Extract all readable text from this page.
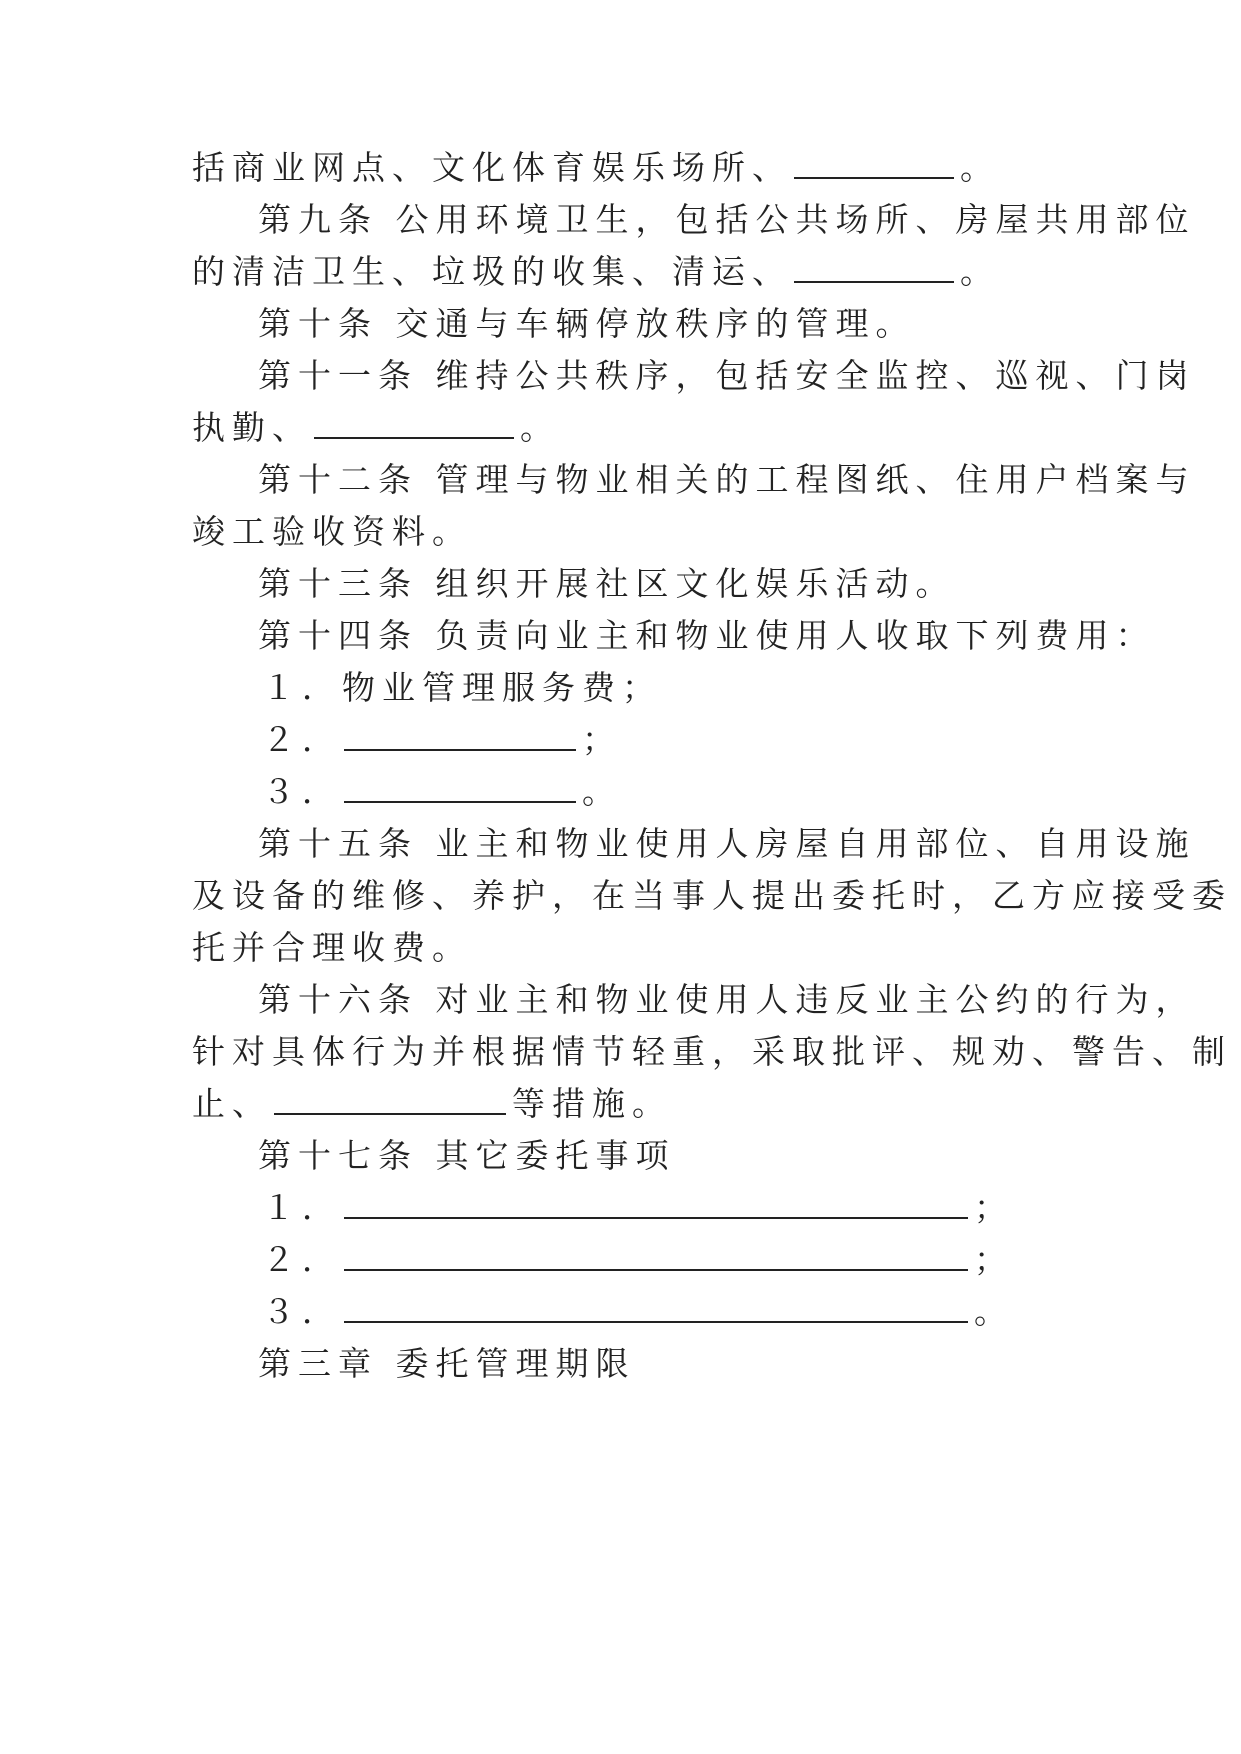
括商业网点、文化体育娱乐场所、	。
第九条 公用环境卫生，包括公共场所、房屋共用部位
的清洁卫生、垃圾的收集、清运、	。
第十条 交通与车辆停放秩序的管理。
第十一条 维持公共秩序，包括安全监控、巡视、门岗
执勤、	。
第十二条 管理与物业相关的工程图纸、住用户档案与
竣工验收资料。
第十三条 组织开展社区文化娱乐活动。
第十四条 负责向业主和物业使用人收取下列费用：
１．物业管理服务费；
２．	；
３．	。
第十五条 业主和物业使用人房屋自用部位、自用设施
及设备的维修、养护，在当事人提出委托时，乙方应接受委
托并合理收费。
第十六条 对业主和物业使用人违反业主公约的行为，
针对具体行为并根据情节轻重，采取批评、规劝、警告、制
止、	等措施。
第十七条 其它委托事项
１．	；
２．	；
３．	。
第三章 委托管理期限
